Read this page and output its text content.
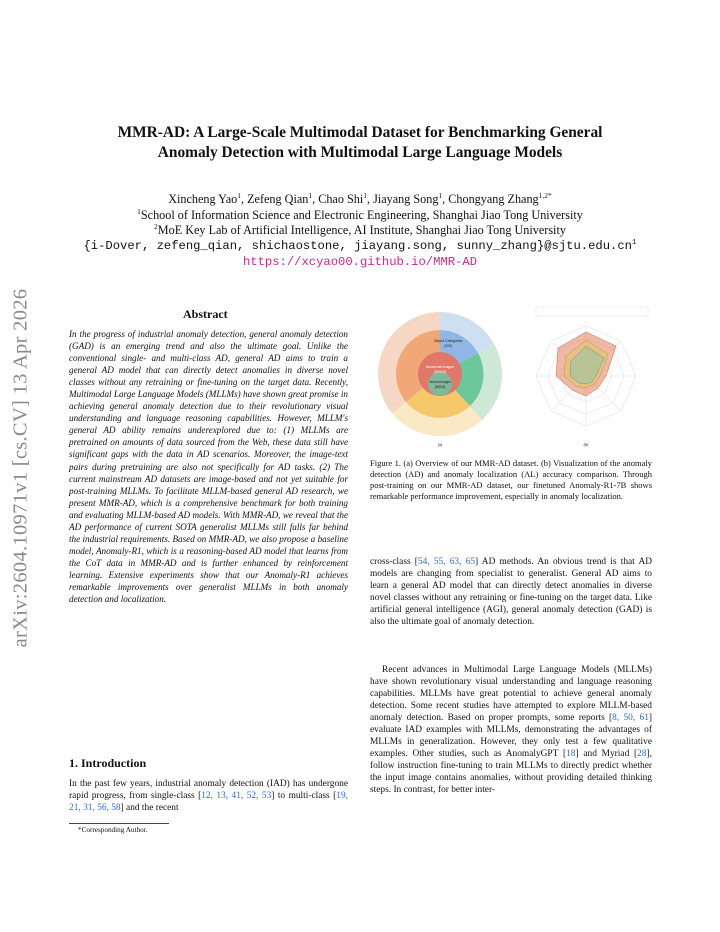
arXiv:2604.10971v1 [cs.CV] 13 Apr 2026
MMR-AD: A Large-Scale Multimodal Dataset for Benchmarking General
Anomaly Detection with Multimodal Large Language Models
Xincheng Yao$^1$, Zefeng Qian$^1$, Chao Shi$^1$, Jiayang Song$^1$, Chongyang Zhang$^{1,2*}$
$^1$School of Information Science and Electronic Engineering, Shanghai Jiao Tong University
$^2$MoE Key Lab of Artificial Intelligence, AI Institute, Shanghai Jiao Tong University
{i-Dover, zefeng_qian, shichaostone, jiayang.song, $sunny\_zhang\}@sjtu.edu.cn^1$
https://xcyao00.github.io/MMR-AD
Abstract
In the progress of industrial anomaly detection, general anomaly detection (GAD) is an emerging trend and also the ultimate goal. Unlike the conventional single- and multi-class AD, general AD aims to train a general AD model that can directly detect anomalies in diverse novel classes without any retraining or fine-tuning on the target data. Recently, Multimodal Large Language Models (MLLMs) have shown great promise in achieving general anomaly detection due to their revolutionary visual understanding and language reasoning capabilities. However, MLLM's general AD ability remains underexplored due to: (1) MLLMs are pretrained on amounts of data sourced from the Web, these data still have significant gaps with the data in AD scenarios. Moreover, the image-text pairs during pretraining are also not specifically for AD tasks. (2) The current mainstream AD datasets are image-based and not yet suitable for post-training MLLMs. To facilitate MLLM-based general AD research, we present MMR-AD, which is a comprehensive benchmark for both training and evaluating MLLM-based AD models. With MMR-AD, we reveal that the AD performance of current SOTA generalist MLLMs still falls far behind the industrial requirements. Based on MMR-AD, we also propose a baseline model, Anomaly-R1, which is a reasoning-based AD model that learns from the CoT data in MMR-AD and is further enhanced by reinforcement learning. Extensive experiments show that our Anomaly-R1 achieves remarkable improvements over generalist MLLMs in both anomaly detection and localization.
1. Introduction
In the past few years, industrial anomaly detection (IAD) has undergone rapid progress, from single-class [12, 13, 41, 52, 53] to multi-class [19, 21, 31, 56, 58] and the recent
*Corresponding Author.
Abnormal Images
[90916]
Normal Images
[28023]
Object Categories
[100]
(a)	(b)
Figure 1. (a) Overview of our MMR-AD dataset. (b) Visualization of the anomaly detection (AD) and anomaly localization (AL) accuracy comparison. Through post-training on our MMR-AD dataset, our finetuned Anomaly-R1-7B shows remarkable performance improvement, especially in anomaly localization.
cross-class [54, 55, 63, 65] AD methods. An obvious trend is that AD models are changing from specialist to generalist. General AD aims to learn a general AD model that can directly detect anomalies in diverse novel classes without any retraining or fine-tuning on the target data. Like artificial general intelligence (AGI), general anomaly detection (GAD) is also the ultimate goal of anomaly detection.
Recent advances in Multimodal Large Language Models (MLLMs) have shown revolutionary visual understanding and language reasoning capabilities. MLLMs have great potential to achieve general anomaly detection. Some recent studies have attempted to explore MLLM-based anomaly detection. Based on proper prompts, some reports [8, 50, 61] evaluate IAD examples with MLLMs, demonstrating the advantages of MLLMs in generalization. However, they only test a few qualitative examples. Other studies, such as AnomalyGPT [18] and Myriad [28], follow instruction fine-tuning to train MLLMs to directly predict whether the input image contains anomalies, without providing detailed thinking steps. In contrast, for better inter-
